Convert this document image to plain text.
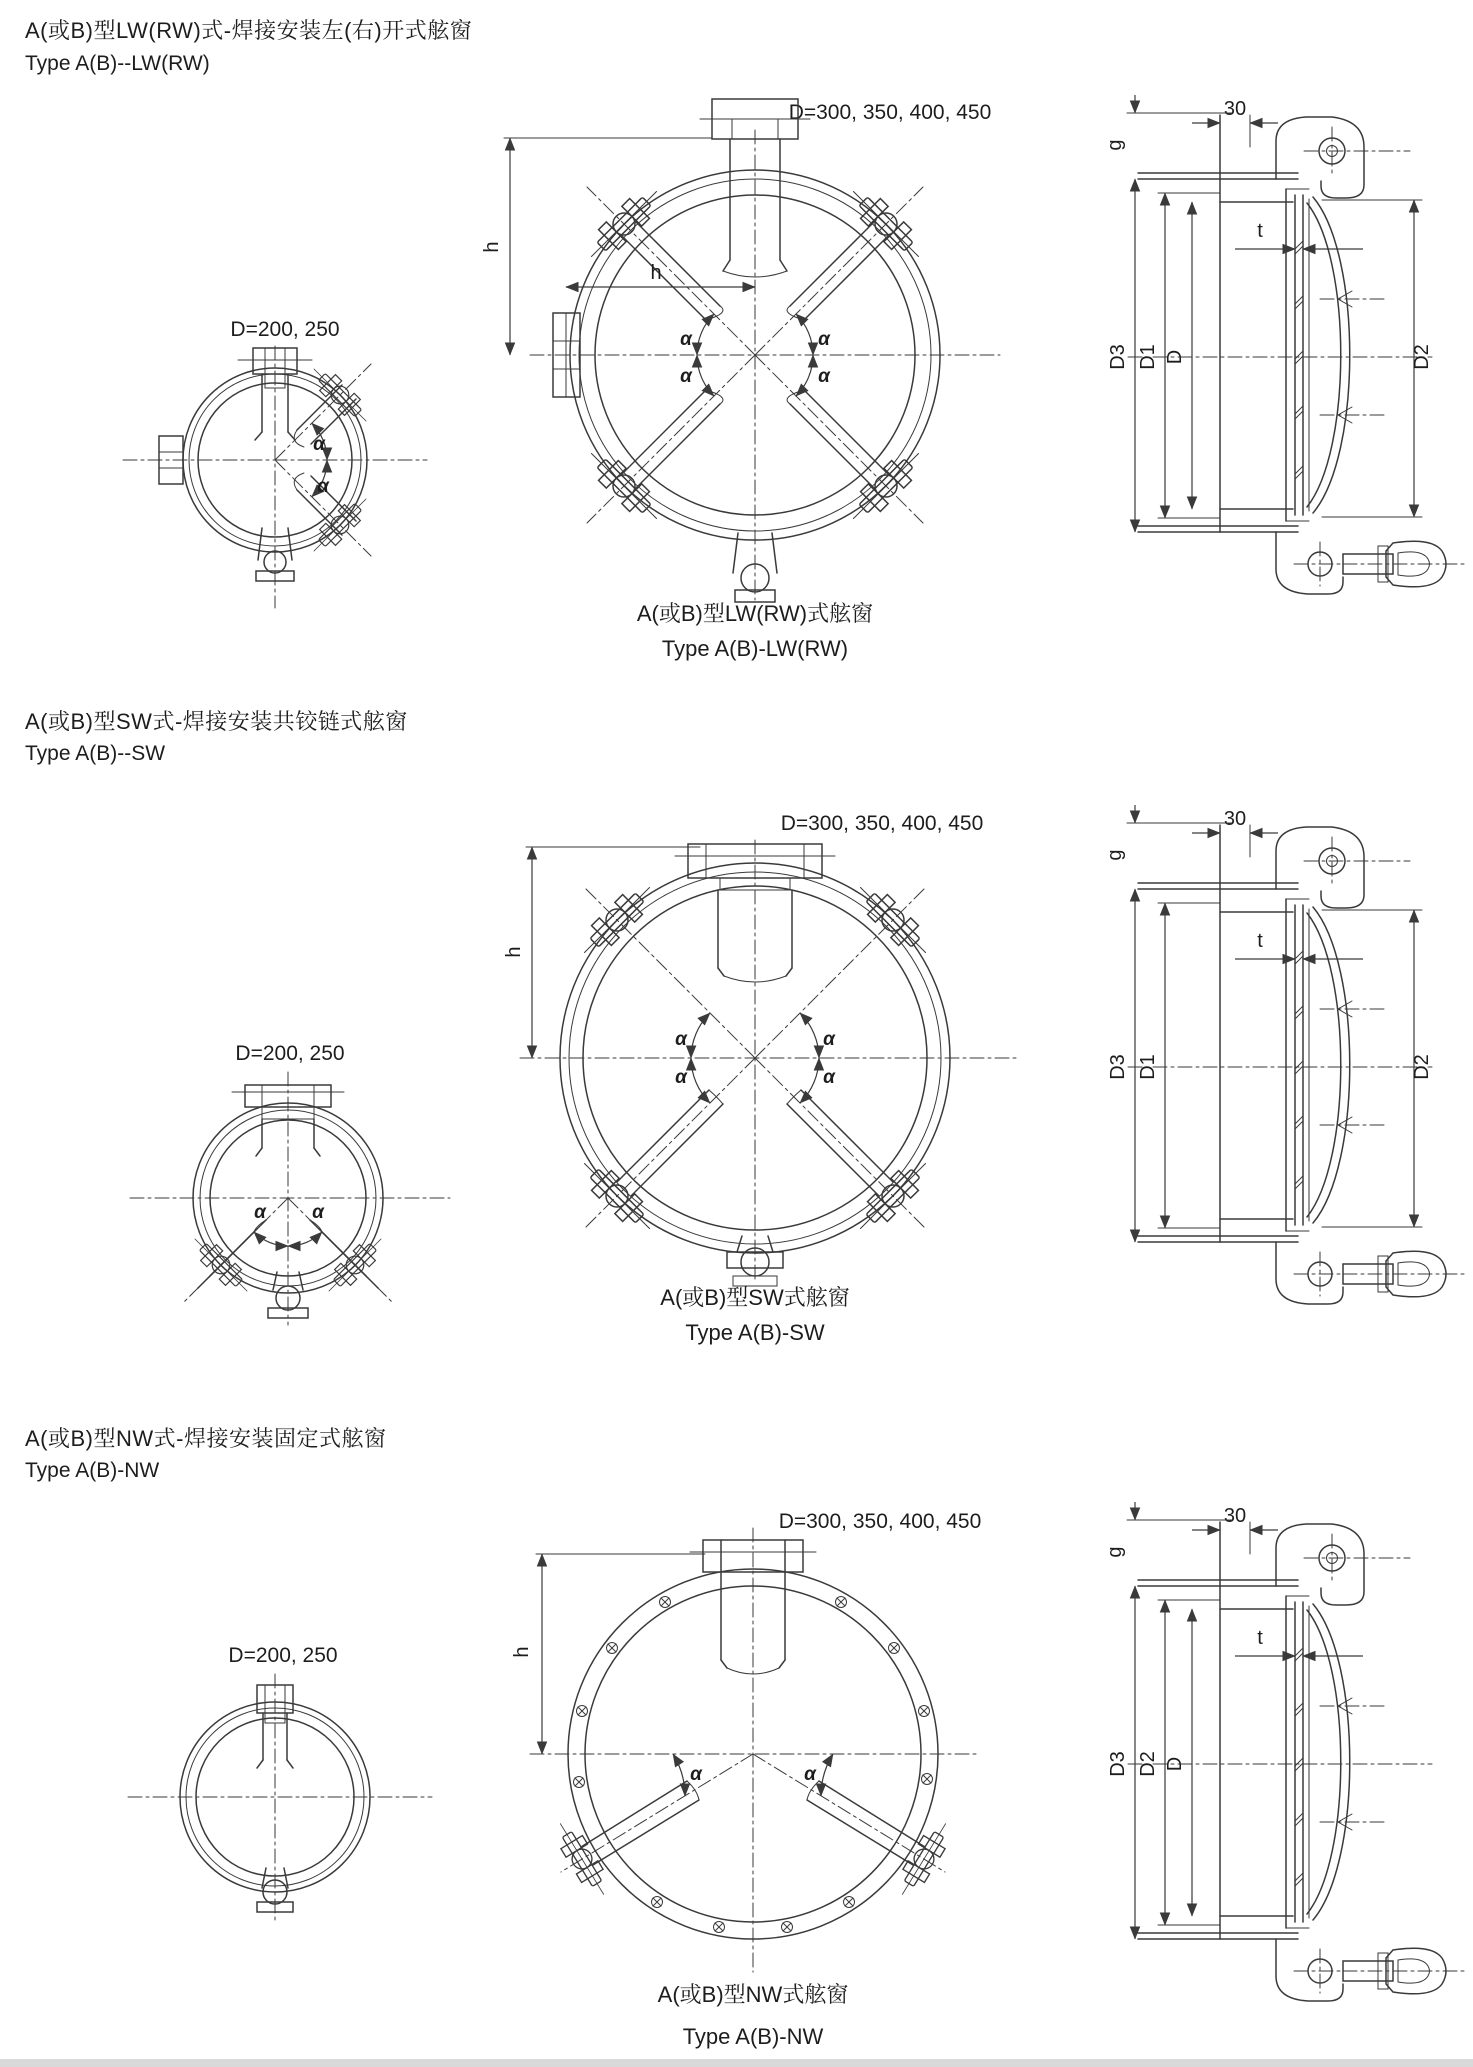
A(或B)型LW(RW)式-焊接安装左(右)开式舷窗
Type A(B)--LW(RW)
D=200, 250
α
α
D=300, 350, 400, 450
α
α
α
α
h
h
A(或B)型LW(RW)式舷窗
Type A(B)-LW(RW)
30
g
D3 D1 D	D2
t
A(或B)型SW式-焊接安装共铰链式舷窗
Type A(B)--SW
D=200, 250
α α
D=300, 350, 400, 450
α
α
α
α
h
A(或B)型SW式舷窗
Type A(B)-SW
30
g
D3 D1	D2
t
A(或B)型NW式-焊接安装固定式舷窗
Type A(B)-NW
D=200, 250
D=300, 350, 400, 450
α	α
h
A(或B)型NW式舷窗
Type A(B)-NW
30
g
D3 D2 D
t
